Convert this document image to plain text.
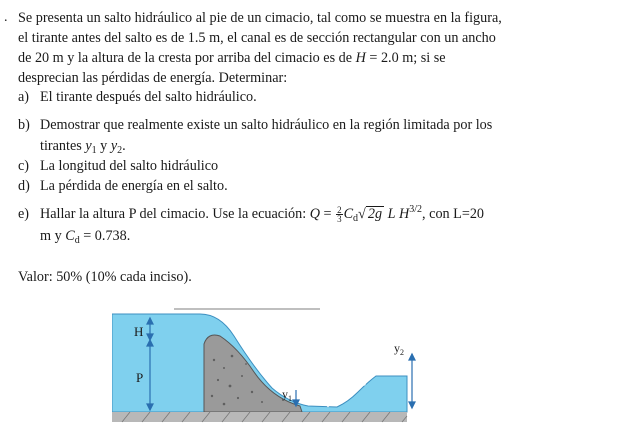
. Se presenta un salto hidráulico al pie de un cimacio, tal como se muestra en la figura,
el tirante antes del salto es de 1.5 m, el canal es de sección rectangular con un ancho
de 20 m y la altura de la cresta por arriba del cimacio es de H = 2.0 m; si se
desprecian las pérdidas de energía. Determinar:
a) El tirante después del salto hidráulico.
b) Demostrar que realmente existe un salto hidráulico en la región limitada por los
tirantes $y_1$ y $y_2$.
c) La longitud del salto hidráulico
d) La pérdida de energía en el salto.
e) Hallar la altura P del cimacio. Use la ecuación: $Q = \frac{2}{3} C_d√$ 2g L $H^{3/2}$, con L=20
m y $C_d = 0.738$.
Valor: 50% (10% cada inciso).
H
P
$y_1$
$y_2$
